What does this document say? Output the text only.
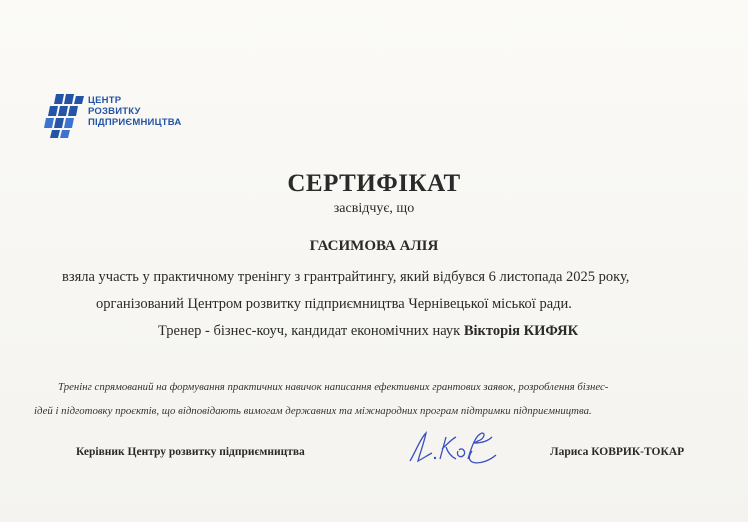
ЦЕНТР
РОЗВИТКУ
ПІДПРИЄМНИЦТВА
СЕРТИФІКАТ
засвідчує, що
ГАСИМОВА АЛІЯ
взяла участь у практичному тренінгу з грантрайтингу, який відбувся 6 листопада 2025 року,
організований Центром розвитку підприємництва Чернівецької міської ради.
Тренер - бізнес-коуч, кандидат економічних наук Вікторія КИФЯК
Тренінг спрямований на формування практичних навичок написання ефективних грантових заявок, розроблення бізнес-
ідей і підготовку проєктів, що відповідають вимогам державних та міжнародних програм підтримки підприємництва.
Керівник Центру розвитку підприємництва	Лариса КОВРИК-ТОКАР
